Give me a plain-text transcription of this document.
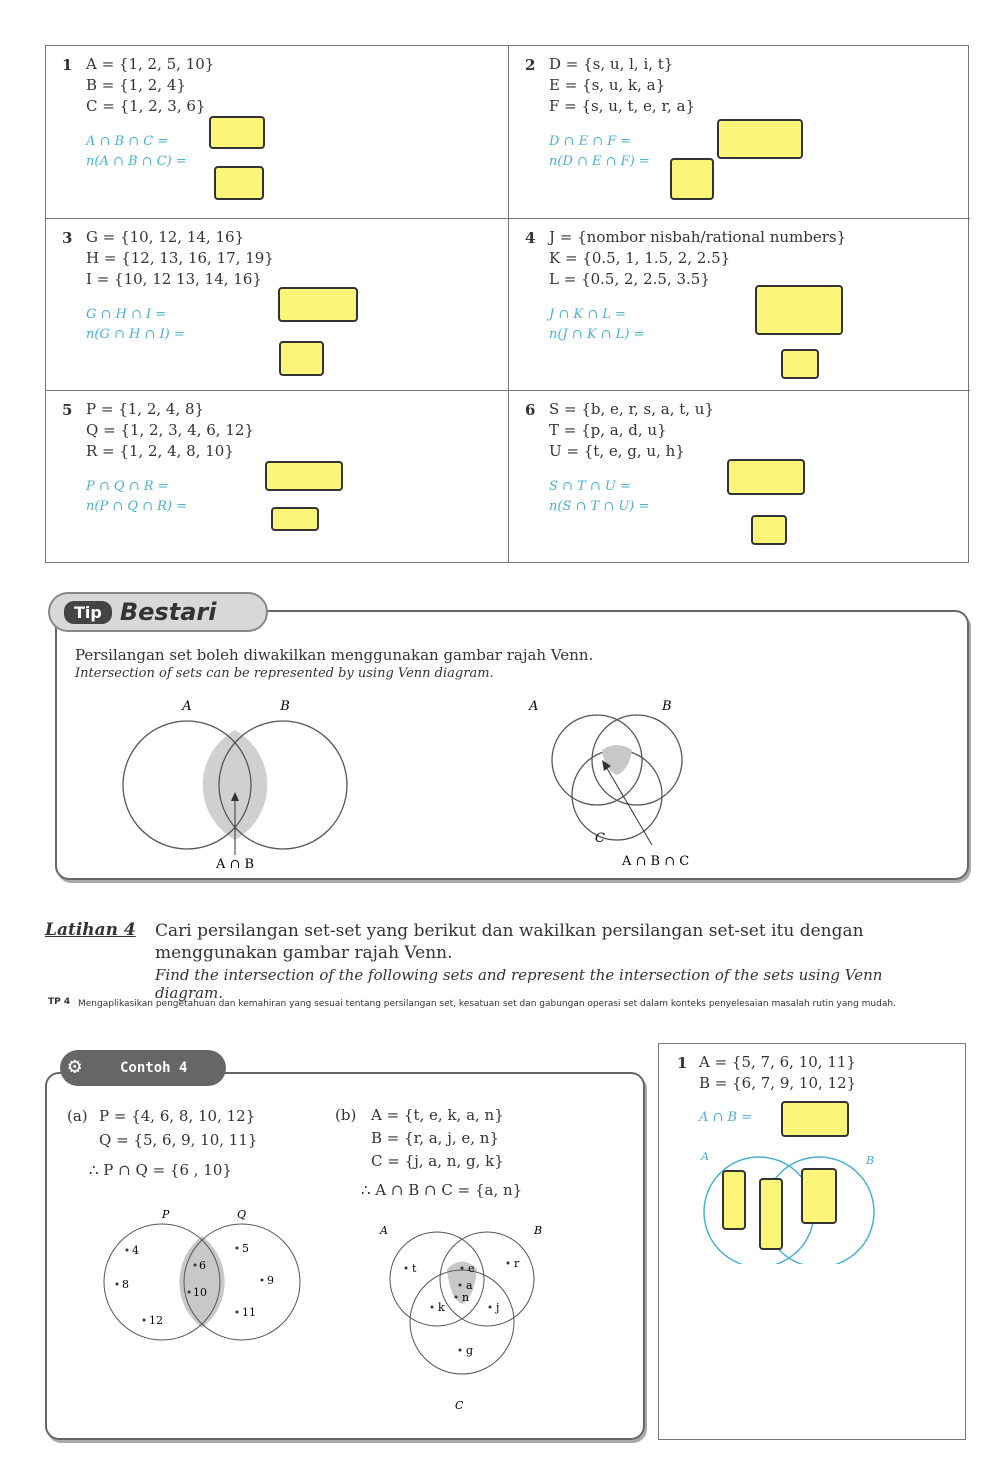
1 A = {1, 2, 5, 10}
B = {1, 2, 4}
C = {1, 2, 3, 6}
A ∩ B ∩ C =
n(A ∩ B ∩ C) =
2 D = {s, u, l, i, t}
E = {s, u, k, a}
F = {s, u, t, e, r, a}
D ∩ E ∩ F =
n(D ∩ E ∩ F) =
3 G = {10, 12, 14, 16}
H = {12, 13, 16, 17, 19}
I = {10, 12 13, 14, 16}
G ∩ H ∩ I =
n(G ∩ H ∩ I) =
4 J = {nombor nisbah/rational numbers}
K = {0.5, 1, 1.5, 2, 2.5}
L = {0.5, 2, 2.5, 3.5}
J ∩ K ∩ L =
n(J ∩ K ∩ L) =
5 P = {1, 2, 4, 8}
Q = {1, 2, 3, 4, 6, 12}
R = {1, 2, 4, 8, 10}
P ∩ Q ∩ R =
n(P ∩ Q ∩ R) =
6 S = {b, e, r, s, a, t, u}
T = {p, a, d, u}
U = {t, e, g, u, h}
S ∩ T ∩ U =
n(S ∩ T ∩ U) =
Persilangan set boleh diwakilkan menggunakan gambar rajah Venn.
Intersection of sets can be represented by using Venn diagram.
A	B
A ∩ B
A	B
C
A ∩ B ∩ C
Tip Bestari
Latihan 4 Cari persilangan set-set yang berikut dan wakilkan persilangan set-set itu dengan menggunakan gambar rajah Venn.
Find the intersection of the following sets and represent the intersection of the sets using Venn diagram.
TP 4 Mengaplikasikan pengetahuan dan kemahiran yang sesuai tentang persilangan set, kesatuan set dan gabungan operasi set dalam konteks penyelesaian masalah rutin yang mudah.
(a) P = {4, 6, 8, 10, 12}
Q = {5, 6, 9, 10, 11}
∴ P ∩ Q = {6 , 10}
(b) A = {t, e, k, a, n}
B = {r, a, j, e, n}
C = {j, a, n, g, k}
∴ A ∩ B ∩ C = {a, n}
P	Q
4
6
5
8
10
9
12
11
A	B
C
t	e	r
a
n
k	j
g
⚙	Contoh 4	1 A = {5, 7, 6, 10, 11}
B = {6, 7, 9, 10, 12}
A ∩ B =
A	B
